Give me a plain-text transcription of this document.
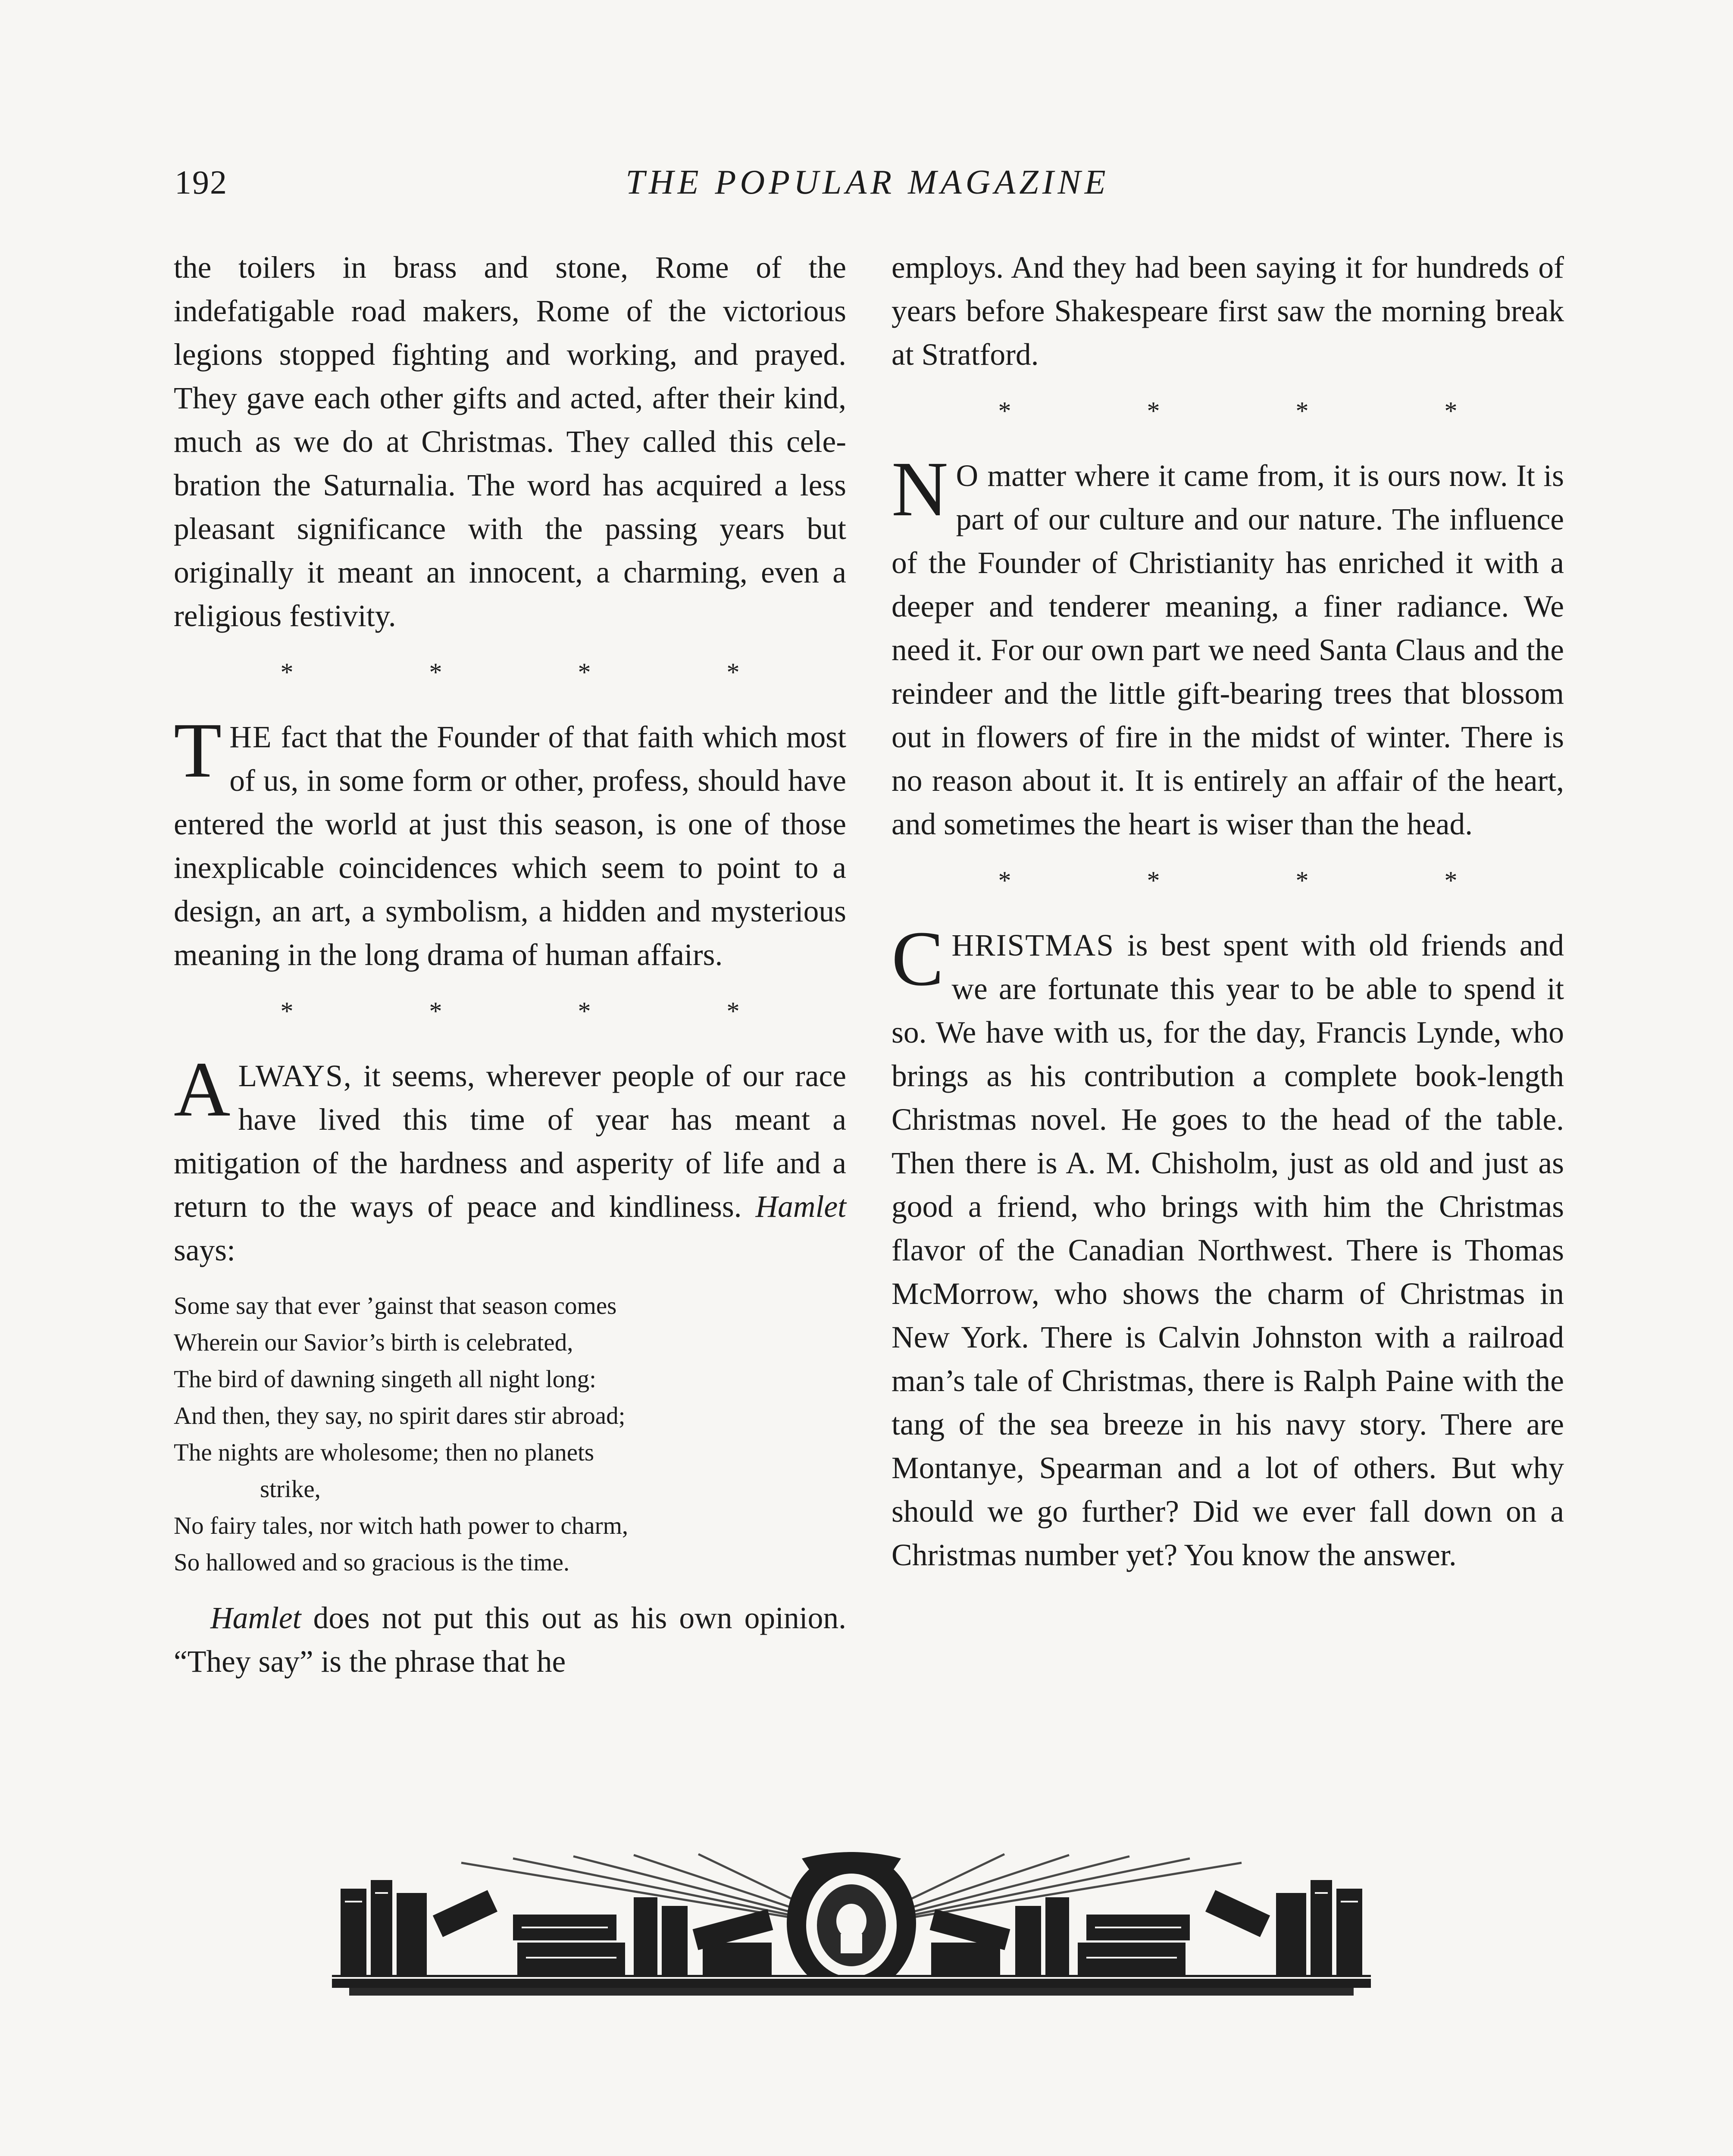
192	THE POPULAR MAGAZINE

the toilers in brass and stone, Rome of the indefatigable road makers, Rome of the victorious legions stopped fighting and working, and prayed. They gave each other gifts and acted, after their kind, much as we do at Christmas. They called this celebration the Saturnalia. The word has acquired a less pleasant significance with the passing years but originally it meant an innocent, a charming, even a religious festivity.

* * * *

THE fact that the Founder of that faith which most of us, in some form or other, profess, should have entered the world at just this season, is one of those inexplicable coincidences which seem to point to a design, an art, a symbolism, a hidden and mysterious meaning in the long drama of human affairs.

* * * *

ALWAYS, it seems, wherever people of our race have lived this time of year has meant a mitigation of the hardness and asperity of life and a return to the ways of peace and kindliness. Hamlet says:

Some say that ever ’gainst that season comes
Wherein our Savior’s birth is celebrated,
The bird of dawning singeth all night long:
And then, they say, no spirit dares stir abroad;
The nights are wholesome; then no planets
strike,
No fairy tales, nor witch hath power to charm,
So hallowed and so gracious is the time.

Hamlet does not put this out as his own opinion. “They say” is the phrase that he

employs. And they had been saying it for hundreds of years before Shakespeare first saw the morning break at Stratford.

* * * *

N O matter where it came from, it is ours now. It is part of our culture and our nature. The influence of the Founder of Christianity has enriched it with a deeper and tenderer meaning, a finer radiance. We need it. For our own part we need Santa Claus and the reindeer and the little gift-bearing trees that blossom out in flowers of fire in the midst of winter. There is no reason about it. It is entirely an affair of the heart, and sometimes the heart is wiser than the head.

* * * *

CHRISTMAS is best spent with old friends and we are fortunate this year to be able to spend it so. We have with us, for the day, Francis Lynde, who brings as his contribution a complete book-length Christmas novel. He goes to the head of the table. Then there is A. M. Chisholm, just as old and just as good a friend, who brings with him the Christmas flavor of the Canadian Northwest. There is Thomas McMorrow, who shows the charm of Christmas in New York. There is Calvin Johnston with a railroad man’s tale of Christmas, there is Ralph Paine with the tang of the sea breeze in his navy story. There are Montanye, Spearman and a lot of others. But why should we go further? Did we ever fall down on a Christmas number yet? You know the answer.
